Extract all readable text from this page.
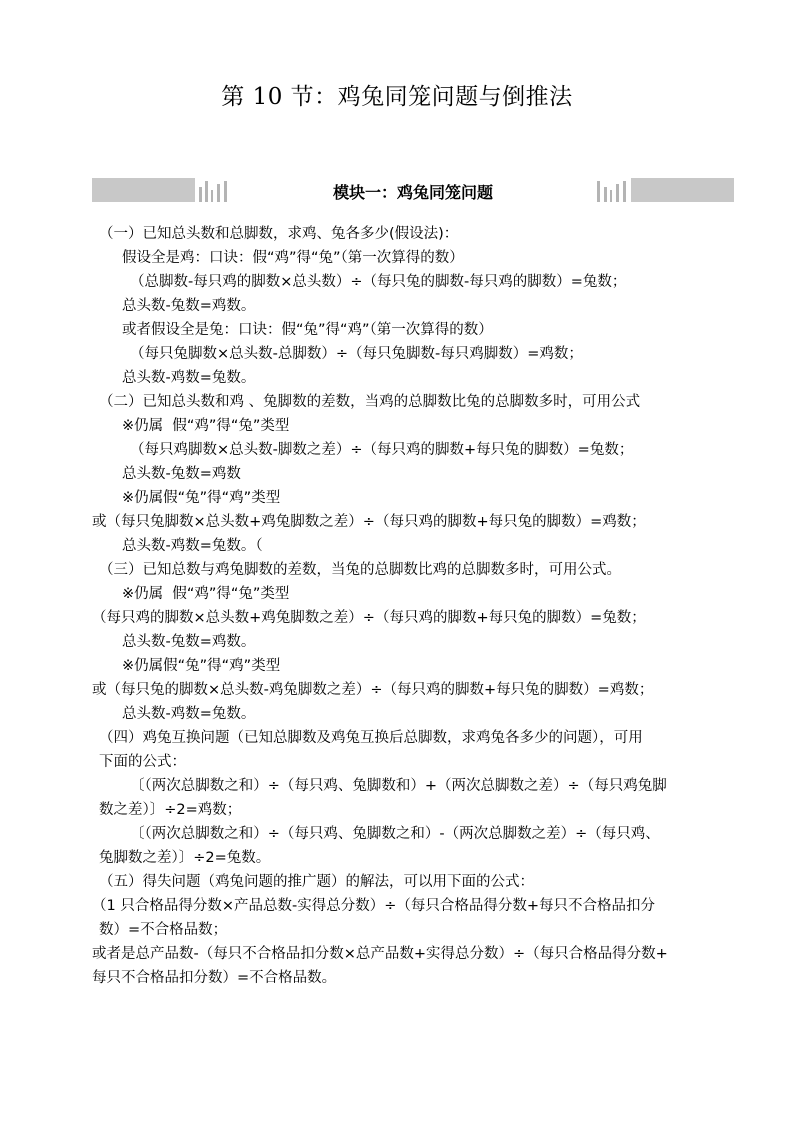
第 10 节：鸡兔同笼问题与倒推法
模块一：鸡兔同笼问题
（一）已知总头数和总脚数，求鸡、兔各多少(假设法)：
假设全是鸡：口诀：假“鸡”得“兔”（第一次算得的数）
（总脚数-每只鸡的脚数×总头数）÷（每只兔的脚数-每只鸡的脚数）=兔数；
总头数-兔数=鸡数。
或者假设全是兔：口诀：假“兔”得“鸡”（第一次算得的数）
（每只兔脚数×总头数-总脚数）÷（每只兔脚数-每只鸡脚数）=鸡数；
总头数-鸡数=兔数。
（二）已知总头数和鸡 、兔脚数的差数，当鸡的总脚数比兔的总脚数多时，可用公式
※仍属  假“鸡”得“兔”类型
（每只鸡脚数×总头数-脚数之差）÷（每只鸡的脚数+每只兔的脚数）=兔数；
总头数-兔数=鸡数
※仍属假“兔”得“鸡”类型
或（每只兔脚数×总头数+鸡兔脚数之差）÷（每只鸡的脚数+每只兔的脚数）=鸡数；
总头数-鸡数=兔数。（
（三）已知总数与鸡兔脚数的差数，当兔的总脚数比鸡的总脚数多时，可用公式。
※仍属  假“鸡”得“兔”类型
（每只鸡的脚数×总头数+鸡兔脚数之差）÷（每只鸡的脚数+每只兔的脚数）=兔数；
总头数-兔数=鸡数。
※仍属假“兔”得“鸡”类型
或（每只兔的脚数×总头数-鸡兔脚数之差）÷（每只鸡的脚数+每只兔的脚数）=鸡数；
总头数-鸡数=兔数。
（四）鸡兔互换问题（已知总脚数及鸡兔互换后总脚数，求鸡兔各多少的问题），可用
下面的公式：
〔（两次总脚数之和）÷（每只鸡、兔脚数和）+（两次总脚数之差）÷（每只鸡兔脚
数之差）〕÷2=鸡数；
〔（两次总脚数之和）÷（每只鸡、兔脚数之和）-（两次总脚数之差）÷（每只鸡、
兔脚数之差）〕÷2=兔数。
（五）得失问题（鸡兔问题的推广题）的解法，可以用下面的公式：
（1 只合格品得分数×产品总数-实得总分数）÷（每只合格品得分数+每只不合格品扣分
数）=不合格品数；
或者是总产品数-（每只不合格品扣分数×总产品数+实得总分数）÷（每只合格品得分数+
每只不合格品扣分数）=不合格品数。
